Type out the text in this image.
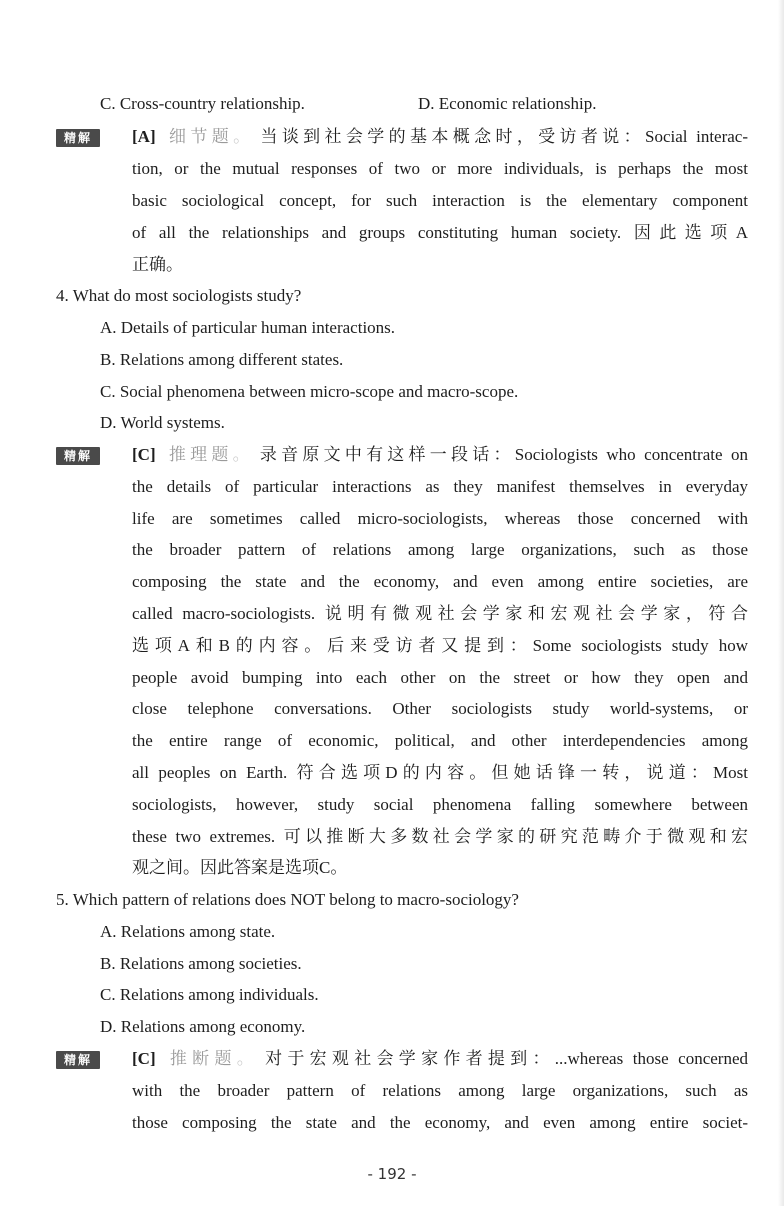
C. Cross-country relationship.	D. Economic relationship.
精解	[A] 细节题。 当谈到社会学的基本概念时，受访者说：Social interac-
tion, or the mutual responses of two or more individuals, is perhaps the most
basic sociological concept, for such interaction is the elementary component
of all the relationships and groups constituting human society. 因此选项A
正确。
4. What do most sociologists study?
A. Details of particular human interactions.
B. Relations among different states.
C. Social phenomena between micro-scope and macro-scope.
D. World systems.
精解	[C] 推理题。 录音原文中有这样一段话：Sociologists who concentrate on
the details of particular interactions as they manifest themselves in everyday
life are sometimes called micro-sociologists, whereas those concerned with
the broader pattern of relations among large organizations, such as those
composing the state and the economy, and even among entire societies, are
called macro-sociologists. 说明有微观社会学家和宏观社会学家，符合
选项A和B的内容。后来受访者又提到：Some sociologists study how
people avoid bumping into each other on the street or how they open and
close telephone conversations. Other sociologists study world-systems, or
the entire range of economic, political, and other interdependencies among
all peoples on Earth. 符合选项D的内容。但她话锋一转，说道：Most
sociologists, however, study social phenomena falling somewhere between
these two extremes. 可以推断大多数社会学家的研究范畴介于微观和宏
观之间。因此答案是选项C。
5. Which pattern of relations does NOT belong to macro-sociology?
A. Relations among state.
B. Relations among societies.
C. Relations among individuals.
D. Relations among economy.
精解	[C] 推断题。 对于宏观社会学家作者提到：...whereas those concerned
with the broader pattern of relations among large organizations, such as
those composing the state and the economy, and even among entire societ-
- 192 -
